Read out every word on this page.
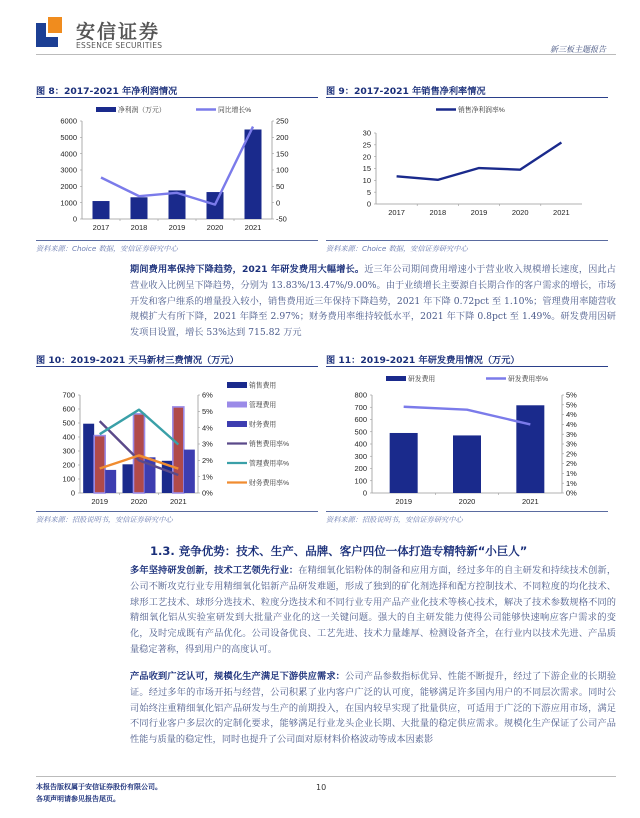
安信证券
ESSENCE SECURITIES	新三板主题报告
图 8：2017-2021 年净利润情况
0
1000
2000
3000
4000
5000
6000
-50
0
50
100
150
200
250
2017	2018	2019	2020	2021
净利润（万元）	同比增长%
资料来源：Choice 数据，安信证券研究中心
图 9：2017-2021 年销售净利率情况
0
5
10
15
20
25
30
2017	2018	2019	2020	2021
销售净利润率%
资料来源：Choice 数据，安信证券研究中心
期间费用率保持下降趋势，2021 年研发费用大幅增长。近三年公司期间费用增速小于营业收入规模增长速度，因此占营业收入比例呈下降趋势，分别为 13.83%/13.47%/9.00%。由于业绩增长主要源自长期合作的客户需求的增长，市场开发和客户维系的增量投入较小，销售费用近三年保持下降趋势，2021 年下降 0.72pct 至 1.10%；管理费用率随营收规模扩大有所下降，2021 年降至 2.97%；财务费用率维持较低水平，2021 年下降 0.8pct 至 1.49%。研发费用因研发项目设置，增长 53%达到 715.82 万元
图 10：2019-2021 天马新材三费情况（万元）
0
100
200
300
400
500
600
700
0%
1%
2%
3%
4%
5%
6%
2019	2020	2021
销售费用
管理费用
财务费用
销售费用率%
管理费用率%
财务费用率%
资料来源：招股说明书，安信证券研究中心
图 11：2019-2021 年研发费用情况（万元）
0
100
200
300
400
500
600
700
800
0%
1%
1%
2%
2%
3%
3%
4%
4%
5%
5%
2019	2020	2021
研发费用	研发费用率%
资料来源：招股说明书，安信证券研究中心
1.3. 竞争优势：技术、生产、品牌、客户四位一体打造专精特新“小巨人”
多年坚持研发创新，技术工艺领先行业：在精细氧化铝粉体的制备和应用方面，经过多年的自主研发和持续技术创新，公司不断攻克行业专用精细氧化铝新产品研发难题，形成了独到的矿化剂选择和配方控制技术、不同粒度的均化技术、球形工艺技术、球形分选技术、粒度分选技术和不同行业专用产品产业化技术等核心技术，解决了技术参数规格不同的精细氧化铝从实验室研发到大批量产业化的这一关键问题。强大的自主研发能力使得公司能够快速响应客户需求的变化，及时完成既有产品优化。公司设备优良、工艺先进、技术力量雄厚、检测设备齐全，在行业内以技术先进、产品质量稳定著称，得到用户的高度认可。
产品收到广泛认可，规模化生产满足下游供应需求：公司产品参数指标优异、性能不断提升，经过了下游企业的长期验证。经过多年的市场开拓与经营，公司积累了业内客户广泛的认可度，能够满足许多国内用户的不同层次需求。同时公司始终注重精细氧化铝产品研发与生产的前期投入，在国内较早实现了批量供应，可适用于广泛的下游应用市场，满足不同行业客户多层次的定制化要求，能够满足行业龙头企业长期、大批量的稳定供应需求。规模化生产保证了公司产品性能与质量的稳定性，同时也提升了公司面对原材料价格波动等成本因素影
本报告版权属于安信证券股份有限公司。
各项声明请参见报告尾页。
10
